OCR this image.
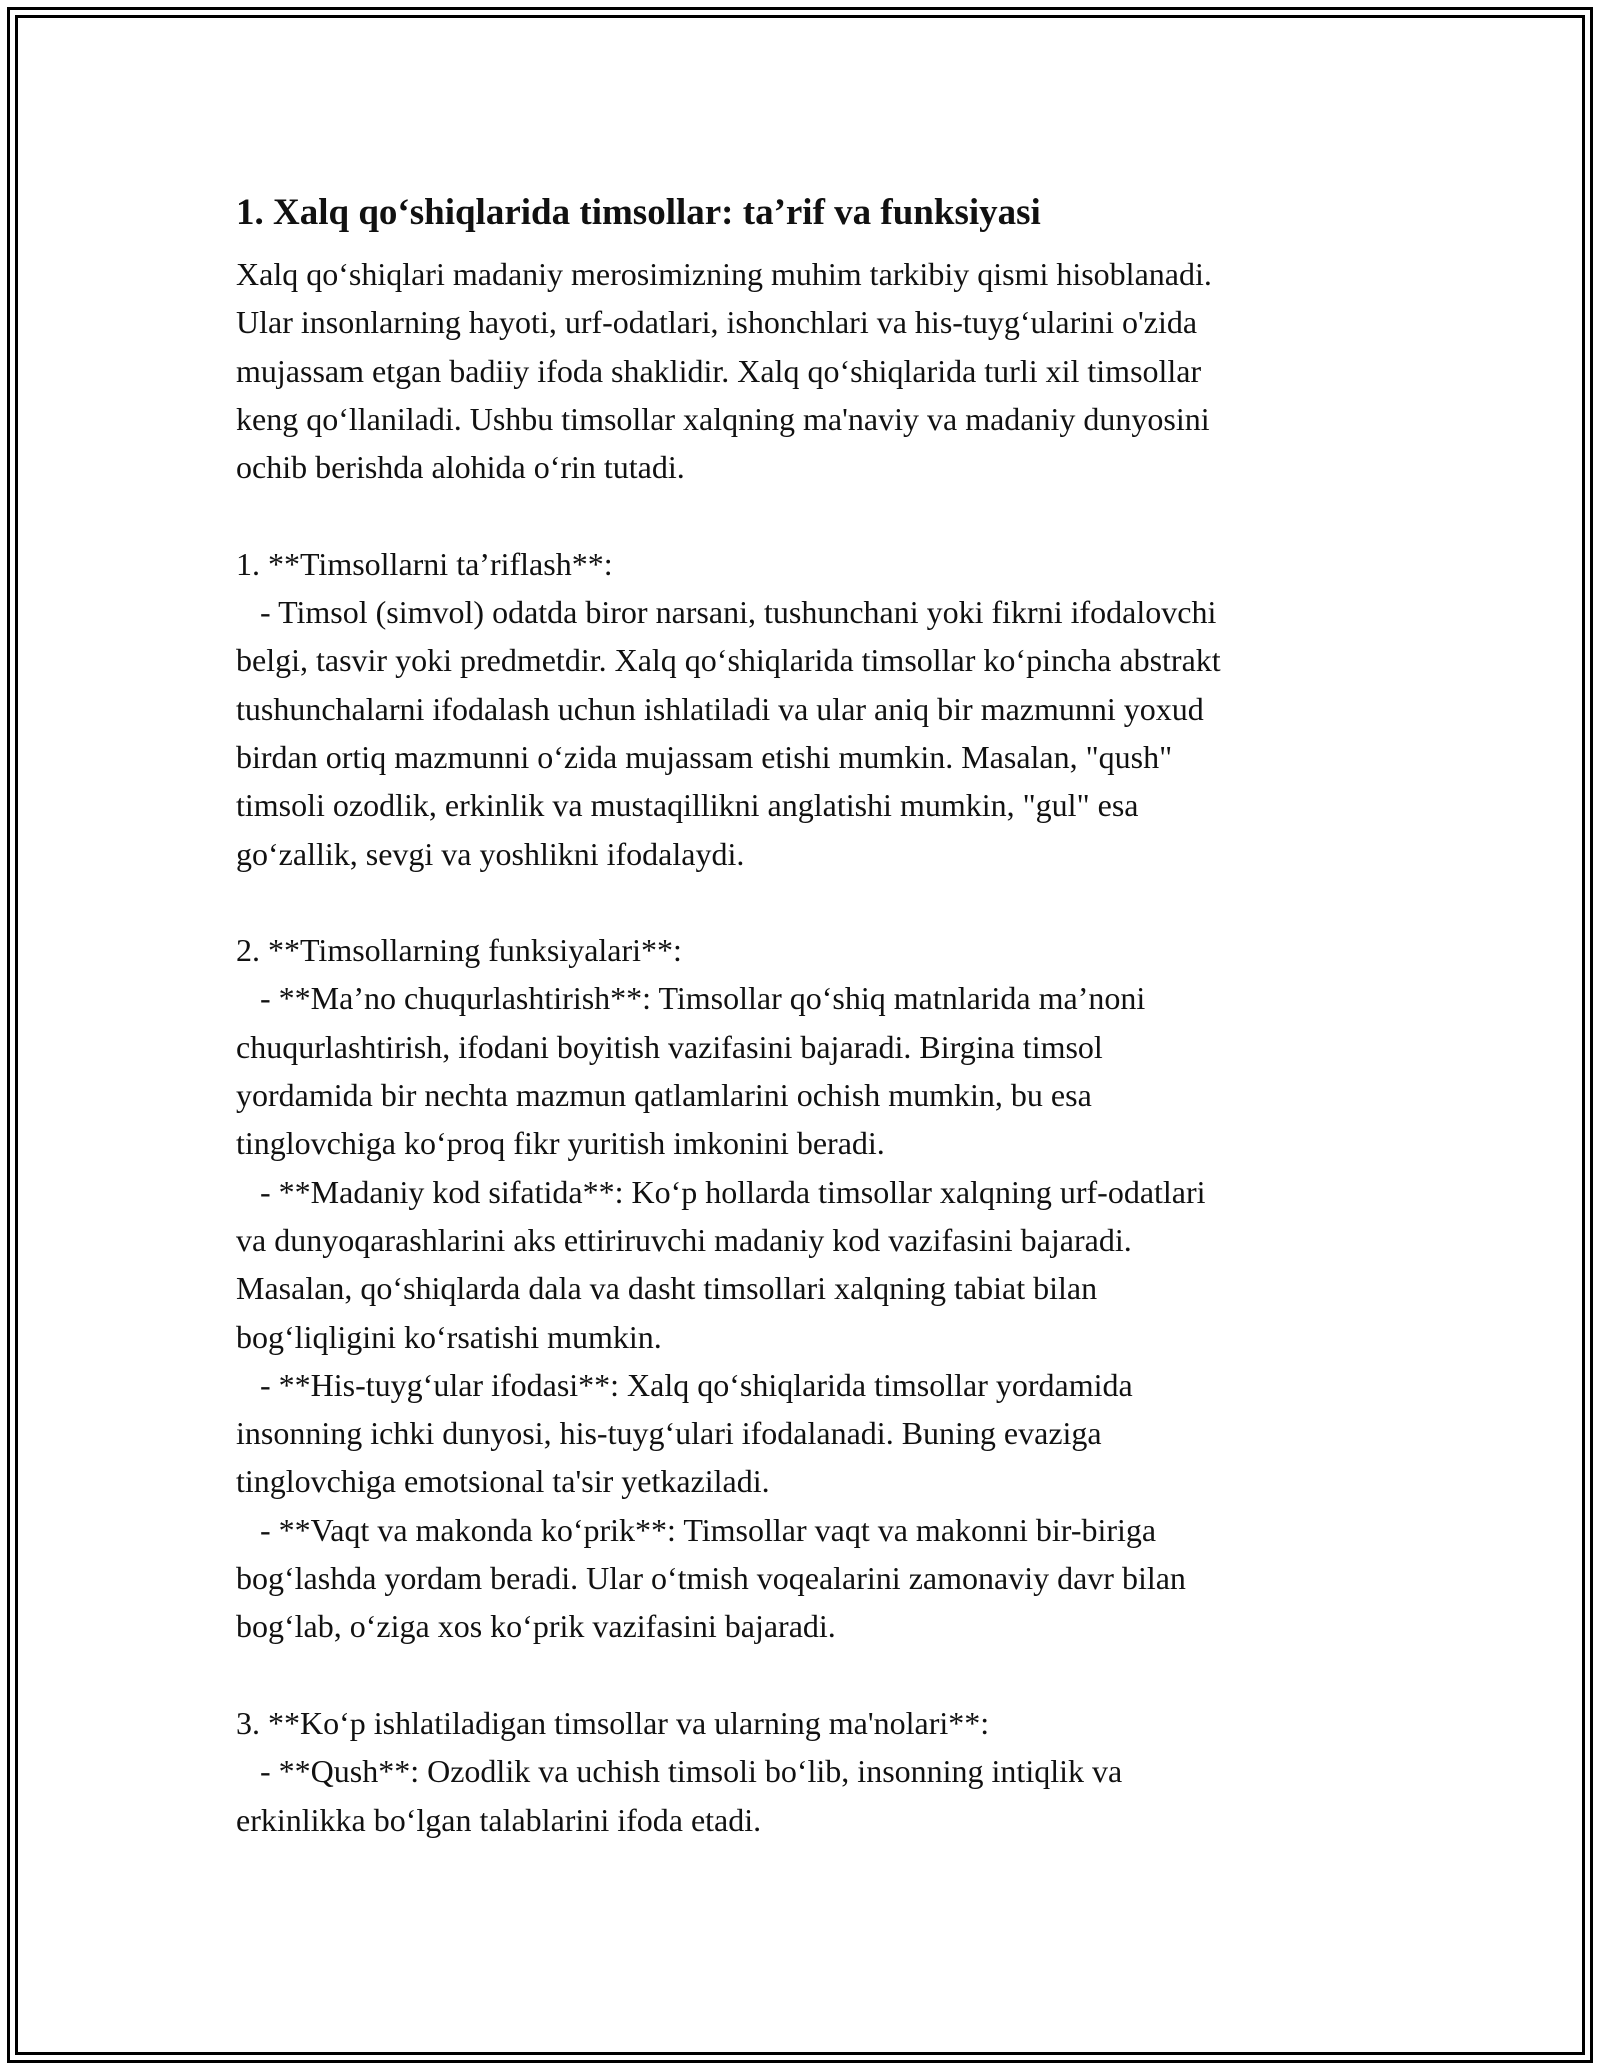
1. Xalq qo‘shiqlarida timsollar: ta’rif va funksiyasi

Xalq qo‘shiqlari madaniy merosimizning muhim tarkibiy qismi hisoblanadi.
Ular insonlarning hayoti, urf-odatlari, ishonchlari va his-tuyg‘ularini o'zida
mujassam etgan badiiy ifoda shaklidir. Xalq qo‘shiqlarida turli xil timsollar
keng qo‘llaniladi. Ushbu timsollar xalqning ma'naviy va madaniy dunyosini
ochib berishda alohida o‘rin tutadi.

1. **Timsollarni ta’riflash**:

- Timsol (simvol) odatda biror narsani, tushunchani yoki fikrni ifodalovchi
belgi, tasvir yoki predmetdir. Xalq qo‘shiqlarida timsollar ko‘pincha abstrakt
tushunchalarni ifodalash uchun ishlatiladi va ular aniq bir mazmunni yoxud
birdan ortiq mazmunni o‘zida mujassam etishi mumkin. Masalan, "qush"
timsoli ozodlik, erkinlik va mustaqillikni anglatishi mumkin, "gul" esa
go‘zallik, sevgi va yoshlikni ifodalaydi.

2. **Timsollarning funksiyalari**:

- **Ma’no chuqurlashtirish**: Timsollar qo‘shiq matnlarida ma’noni
chuqurlashtirish, ifodani boyitish vazifasini bajaradi. Birgina timsol
yordamida bir nechta mazmun qatlamlarini ochish mumkin, bu esa
tinglovchiga ko‘proq fikr yuritish imkonini beradi.

- **Madaniy kod sifatida**: Ko‘p hollarda timsollar xalqning urf-odatlari
va dunyoqarashlarini aks ettiriruvchi madaniy kod vazifasini bajaradi.
Masalan, qo‘shiqlarda dala va dasht timsollari xalqning tabiat bilan
bog‘liqligini ko‘rsatishi mumkin.

- **His-tuyg‘ular ifodasi**: Xalq qo‘shiqlarida timsollar yordamida
insonning ichki dunyosi, his-tuyg‘ulari ifodalanadi. Buning evaziga
tinglovchiga emotsional ta'sir yetkaziladi.

- **Vaqt va makonda ko‘prik**: Timsollar vaqt va makonni bir-biriga
bog‘lashda yordam beradi. Ular o‘tmish voqealarini zamonaviy davr bilan
bog‘lab, o‘ziga xos ko‘prik vazifasini bajaradi.

3. **Ko‘p ishlatiladigan timsollar va ularning ma'nolari**:

- **Qush**: Ozodlik va uchish timsoli bo‘lib, insonning intiqlik va
erkinlikka bo‘lgan talablarini ifoda etadi.
